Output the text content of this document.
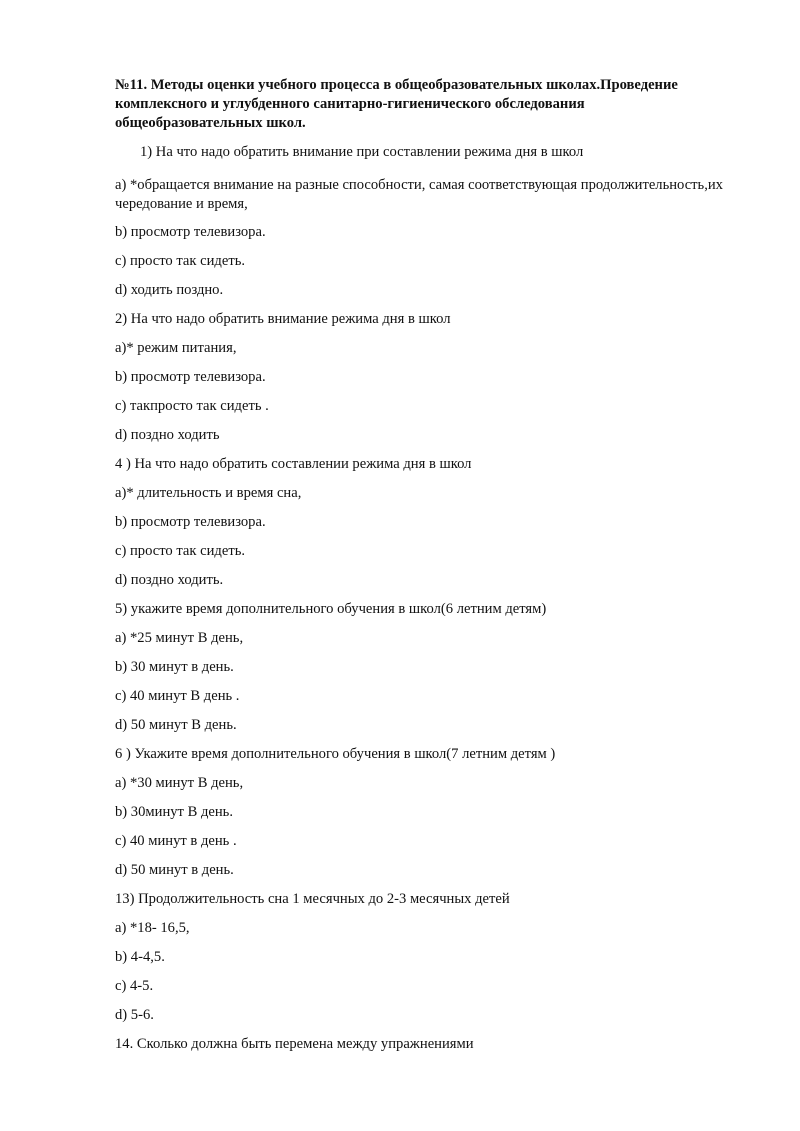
№11. Методы оценки учебного процесса в общеобразовательных школах.Проведение комплексного и углубденного санитарно-гигиенического обследования общеобразовательных школ.

1) На что надо обратить внимание при составлении режима дня в школ

a) *обращается внимание на разные способности, самая соответствующая продолжительность,их чередование и время,

b) просмотр телевизора.

c) просто так сидеть.

d) ходить поздно.

2) На что надо обратить внимание режима дня в школ

a)* режим питания,

b) просмотр телевизора.

c) такпросто так сидеть .

d) поздно ходить

4 ) На что надо обратить составлении режима дня в школ

a)* длительность и время сна,

b) просмотр телевизора.

c) просто так сидеть.

d) поздно ходить.

5) укажите время дополнительного обучения в школ(6 летним детям)

a) *25 минут В день,

b) 30 минут в день.

c) 40 минут В день .

d) 50 минут В день.

6 ) Укажите время дополнительного обучения в школ(7 летним детям )

a) *30 минут В день,

b) 30минут В день.

c) 40 минут в день .

d) 50 минут в день.

13) Продолжительность сна 1 месячных до 2-3 месячных детей

a) *18- 16,5,

b) 4-4,5.

c) 4-5.

d) 5-6.

14. Сколько должна быть перемена между упражнениями
